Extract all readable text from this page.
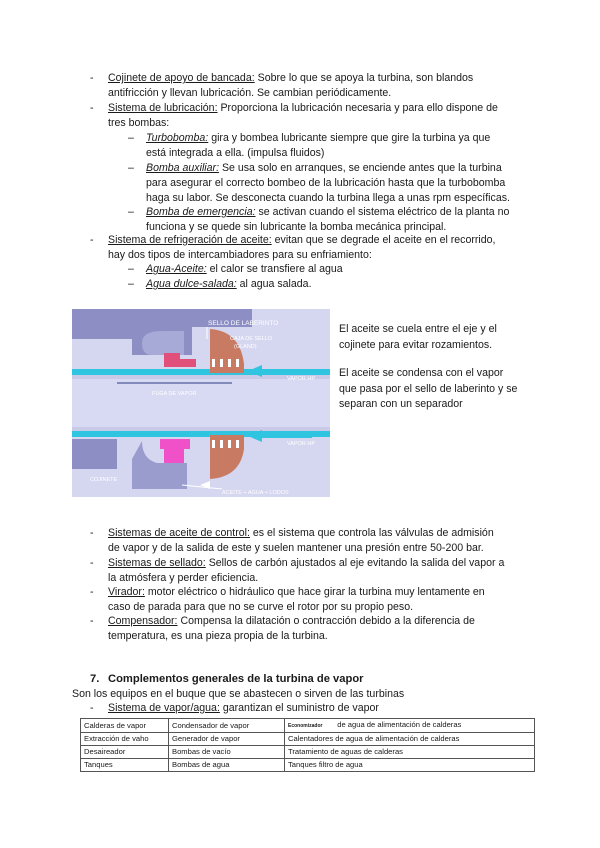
- Cojinete de apoyo de bancada: Sobre lo que se apoya la turbina, son blandos
antifricción y llevan lubricación. Se cambian periódicamente.
- Sistema de lubricación: Proporciona la lubricación necesaria y para ello dispone de
tres bombas:
– Turbobomba: gira y bombea lubricante siempre que gire la turbina ya que
está integrada a ella. (impulsa fluidos)
– Bomba auxiliar: Se usa solo en arranques, se enciende antes que la turbina
para asegurar el correcto bombeo de la lubricación hasta que la turbobomba
haga su labor. Se desconecta cuando la turbina llega a unas rpm específicas.
– Bomba de emergencia: se activan cuando el sistema eléctrico de la planta no
funciona y se quede sin lubricante la bomba mecánica principal.
- Sistema de refrigeración de aceite: evitan que se degrade el aceite en el recorrido,
hay dos tipos de intercambiadores para su enfriamiento:
– Agua-Aceite: el calor se transfiere al agua
– Agua dulce-salada: al agua salada.
SELLO DE LABERINTO
CAJA DE SELLO
(GLAND)
VAPOR HP
FUGA DE VAPOR
VAPOR HP
COJINETE
ACEITE + AGUA + LODOS
El aceite se cuela entre el eje y el
cojinete para evitar rozamientos.
El aceite se condensa con el vapor
que pasa por el sello de laberinto y se
separan con un separador
- Sistemas de aceite de control: es el sistema que controla las válvulas de admisión
de vapor y de la salida de este y suelen mantener una presión entre 50-200 bar.
- Sistemas de sellado: Sellos de carbón ajustados al eje evitando la salida del vapor a
la atmósfera y perder eficiencia.
- Virador: motor eléctrico o hidráulico que hace girar la turbina muy lentamente en
caso de parada para que no se curve el rotor por su propio peso.
- Compensador: Compensa la dilatación o contracción debido a la diferencia de
temperatura, es una pieza propia de la turbina.
7. Complementos generales de la turbina de vapor
Son los equipos en el buque que se abastecen o sirven de las turbinas
- Sistema de vapor/agua: garantizan el suministro de vapor
Calderas de vapor	Condensador de vapor	Economizador de agua de alimentación de calderas
Extracción de vaho	Generador de vapor	Calentadores de agua de alimentación de calderas
Desaireador	Bombas de vacío	Tratamiento de aguas de calderas
Tanques	Bombas de agua	Tanques filtro de agua
